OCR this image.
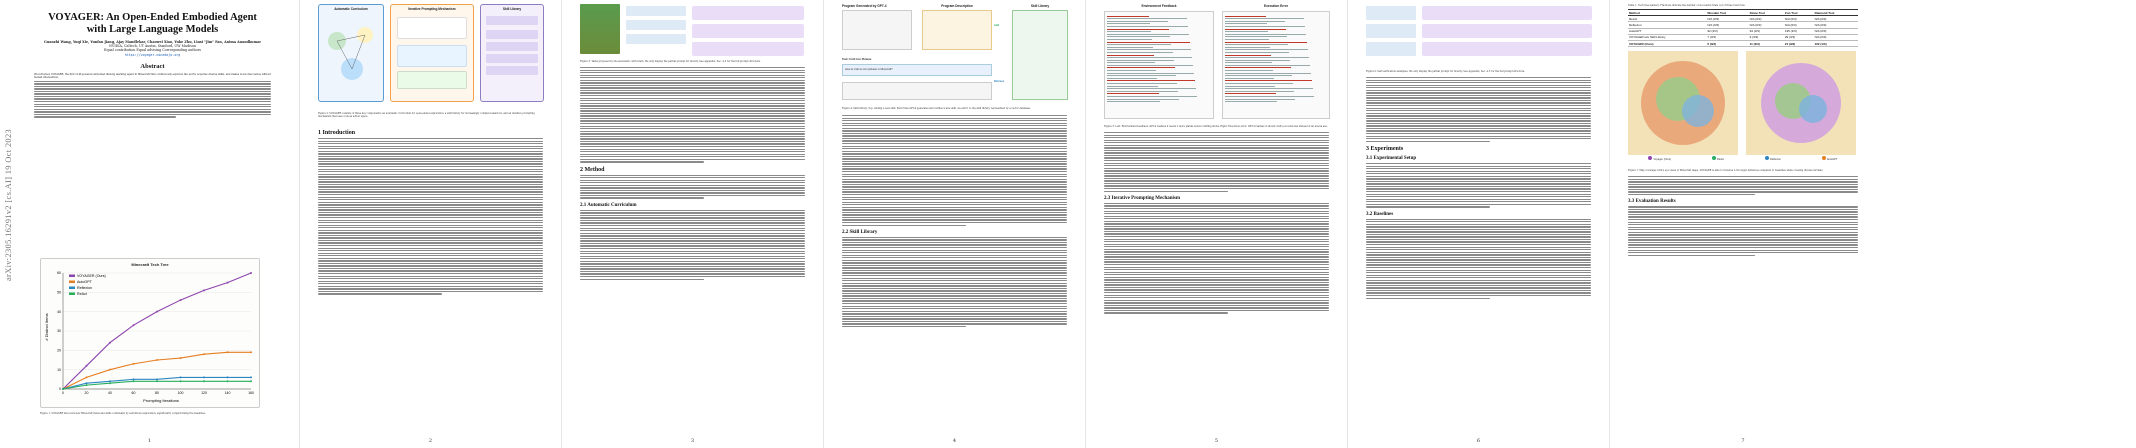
arXiv:2305.16291v2 [cs.AI] 19 Oct 2023
VOYAGER: An Open-Ended Embodied Agent
with Large Language Models
Guanzhi Wang, Yuqi Xie, Yunfan Jiang, Ajay Mandlekar, Chaowei Xiao, Yuke Zhu, Linxi "Jim" Fan, Anima Anandkumar
NVIDIA, Caltech, UT Austin, Stanford, UW Madison
Equal contribution Equal advising Corresponding authors
https://voyager.minedojo.org
Abstract
We introduce VOYAGER, the first LLM-powered embodied lifelong learning agent in Minecraft that continuously explores the world, acquires diverse skills, and makes novel discoveries without human intervention.
Minecraft Tech Tree
0
10
20
30
40
50
60
0	20	40	60	80	100	120	140	160
VOYAGER (Ours)
AutoGPT
Reflexion
ReAct
Prompting Iterations
# Distinct Items
Figure 1: VOYAGER discovers new Minecraft items and skills continually by self-driven exploration, significantly outperforming the baselines.
1
Automatic Curriculum	Iterative Prompting Mechanism	Skill Library
Figure 2: VOYAGER consists of three key components: an automatic curriculum for open-ended exploration, a skill library for increasingly complex behaviors, and an iterative prompting mechanism that uses code as action space.
1 Introduction
2
Figure 3: Tasks proposed by the automatic curriculum. We only display the partial prompt for brevity. See Appendix, Sec. A.3 for the full prompt structure.
2 Method
2.1 Automatic Curriculum
3
Program Generated by GPT-4	Program Description	Skill Library
Add
Task: Craft Iron Pickaxe
How to craft an iron pickaxe in Minecraft?
Retrieve
Figure 4: Skill library. Top: Adding a new skill. Each time GPT-4 generates and verifies a new skill, we add it to the skill library, represented by a vector database.
2.2 Skill Library
4
Environment Feedback	Execution Error
Figure 5: Left: Environment feedback. GPT-4 realizes it needs 2 more planks before crafting sticks. Right: Execution error. GPT-4 realizes it should craft a wooden axe instead of an acacia axe.
2.3 Iterative Prompting Mechanism
5
Figure 6: Self-verification examples. We only display the partial prompt for brevity. See Appendix, Sec. A.5 for the full prompt structure.
3 Experiments
3.1 Experimental Setup
3.2 Baselines
6
Table 1: Tech tree mastery. Fractions indicate the number of successful trials out of three total runs.
Method	Wooden Tool	Stone Tool	Iron Tool	Diamond Tool
ReAct	N/A (0/3)	N/A (0/3)	N/A (0/3)	N/A (0/3)
Reflexion	N/A (0/3)	N/A (0/3)	N/A (0/3)	N/A (0/3)
AutoGPT	92 (3/3)	94 (3/3)	135 (3/3)	N/A (0/3)
VOYAGER w/o Skill Library	7 (3/3)	9 (3/3)	29 (3/3)	N/A (0/3)
VOYAGER (Ours)	6 (3/3)	11 (3/3)	21 (3/3)	102 (1/3)
Voyager (Ours)	ReAct	Reflexion	AutoGPT
Figure 7: Map coverage: bird's eye views of Minecraft maps. VOYAGER is able to traverse 2.3x longer distances compared to baselines while crossing diverse terrains.
3.3 Evaluation Results
7
